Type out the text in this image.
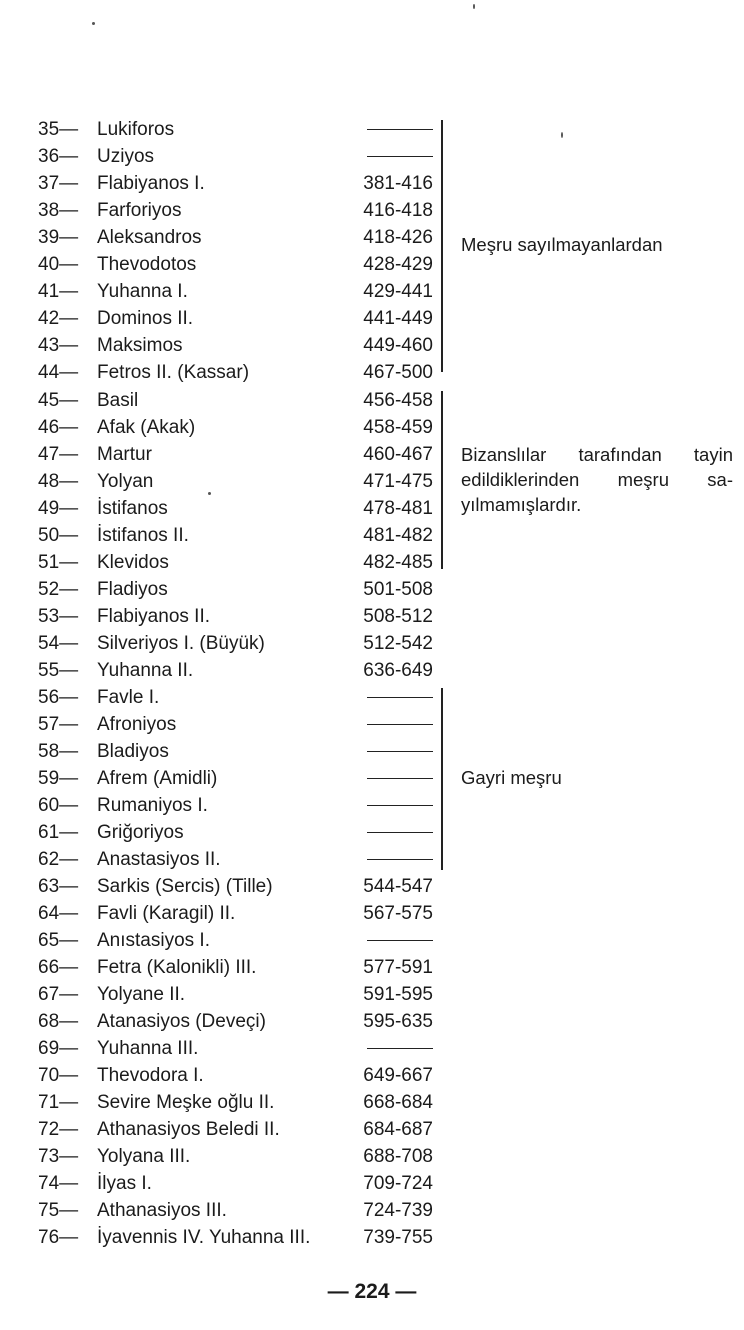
35— Lukiforos
36— Uziyos
37— Flabiyanos I.	381-416
38— Farforiyos	416-418
39— Aleksandros	418-426
40— Thevodotos	428-429
41— Yuhanna I.	429-441
42— Dominos II.	441-449
43— Maksimos	449-460
44— Fetros II. (Kassar)	467-500
45— Basil	456-458
46— Afak (Akak)	458-459
47— Martur	460-467
48— Yolyan	471-475
49— İstifanos	478-481
50— İstifanos II.	481-482
51— Klevidos	482-485
52— Fladiyos	501-508
53— Flabiyanos II.	508-512
54— Silveriyos I. (Büyük)	512-542
55— Yuhanna II.	636-649
56— Favle I.
57— Afroniyos
58— Bladiyos
59— Afrem (Amidli)
60— Rumaniyos I.
61— Griğoriyos
62— Anastasiyos II.
63— Sarkis (Sercis) (Tille)	544-547
64— Favli (Karagil) II.	567-575
65— Anıstasiyos I.
66— Fetra (Kalonikli) III.	577-591
67— Yolyane II.	591-595
68— Atanasiyos (Deveçi)	595-635
69— Yuhanna III.
70— Thevodora I.	649-667
71— Sevire Meşke oğlu II.	668-684
72— Athanasiyos Beledi II.	684-687
73— Yolyana III.	688-708
74— İlyas I.	709-724
75— Athanasiyos III.	724-739
76— İyavennis IV. Yuhanna III.	739-755
Meşru sayılmayanlardan
Bizanslılar tarafından tayin edildiklerinden meşru sa- yılmamışlardır.
Gayri meşru
— 224 —
